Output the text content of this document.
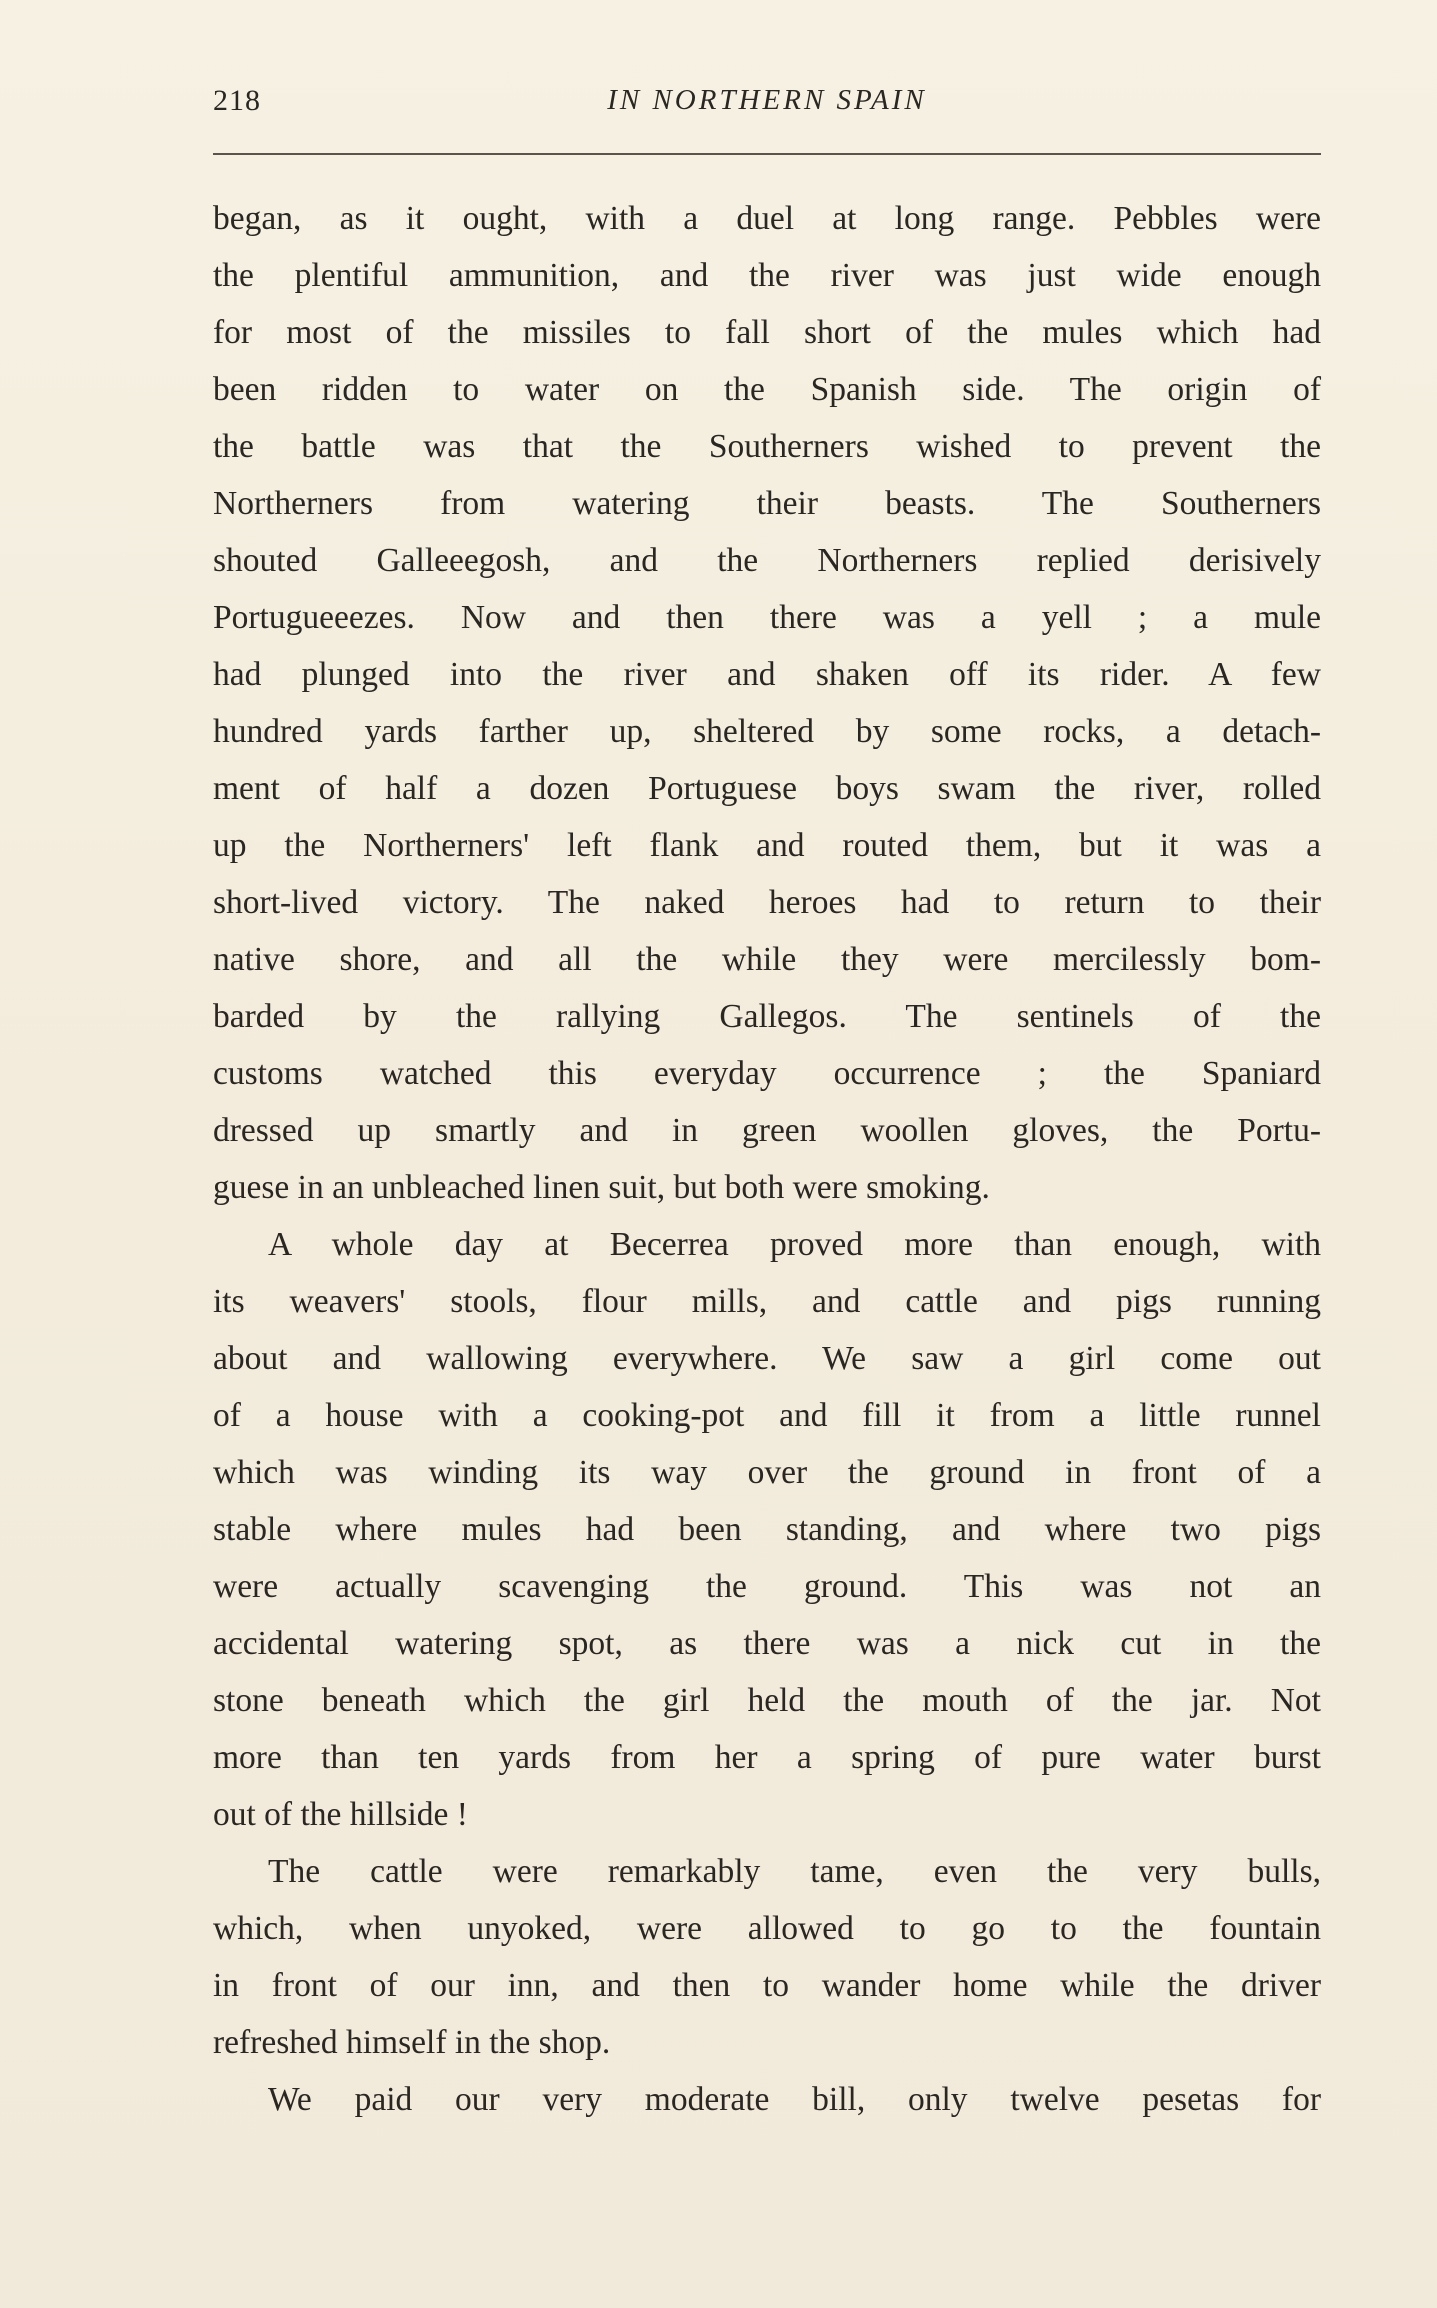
218	IN NORTHERN SPAIN
began, as it ought, with a duel at long range. Pebbles were
the plentiful ammunition, and the river was just wide enough
for most of the missiles to fall short of the mules which had
been ridden to water on the Spanish side. The origin of
the battle was that the Southerners wished to prevent the
Northerners from watering their beasts. The Southerners
shouted Galleeegosh, and the Northerners replied derisively
Portugueeezes. Now and then there was a yell ; a mule
had plunged into the river and shaken off its rider. A few
hundred yards farther up, sheltered by some rocks, a detach-
ment of half a dozen Portuguese boys swam the river, rolled
up the Northerners' left flank and routed them, but it was a
short-lived victory. The naked heroes had to return to their
native shore, and all the while they were mercilessly bom-
barded by the rallying Gallegos. The sentinels of the
customs watched this everyday occurrence ; the Spaniard
dressed up smartly and in green woollen gloves, the Portu-
guese in an unbleached linen suit, but both were smoking.
A whole day at Becerrea proved more than enough, with
its weavers' stools, flour mills, and cattle and pigs running
about and wallowing everywhere. We saw a girl come out
of a house with a cooking-pot and fill it from a little runnel
which was winding its way over the ground in front of a
stable where mules had been standing, and where two pigs
were actually scavenging the ground. This was not an
accidental watering spot, as there was a nick cut in the
stone beneath which the girl held the mouth of the jar. Not
more than ten yards from her a spring of pure water burst
out of the hillside !
The cattle were remarkably tame, even the very bulls,
which, when unyoked, were allowed to go to the fountain
in front of our inn, and then to wander home while the driver
refreshed himself in the shop.
We paid our very moderate bill, only twelve pesetas for
